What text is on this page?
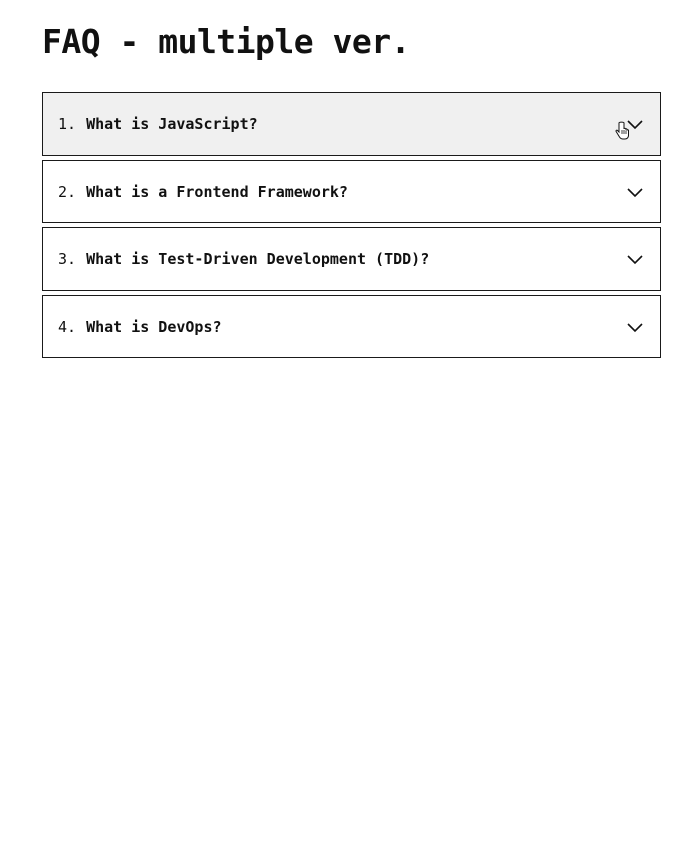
FAQ - multiple ver.
1. What is JavaScript?
2. What is a Frontend Framework?
3. What is Test-Driven Development (TDD)?
4. What is DevOps?
